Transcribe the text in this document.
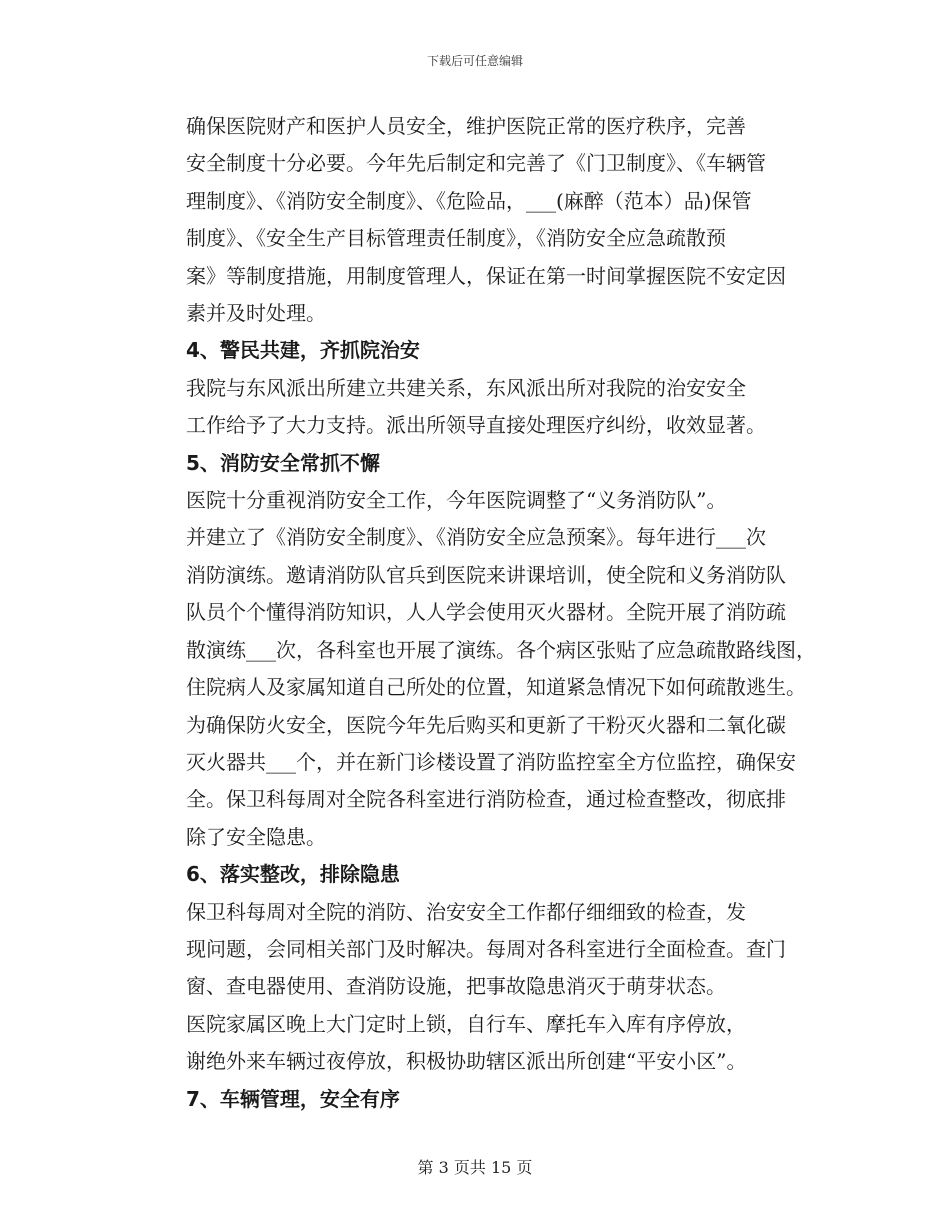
下载后可任意编辑

确保医院财产和医护人员安全，维护医院正常的医疗秩序，完善
安全制度十分必要。今年先后制定和完善了《门卫制度》、《车辆管
理制度》、《消防安全制度》、《危险品，___(麻醉（范本）品)保管
制度》、《安全生产目标管理责任制度》，《消防安全应急疏散预
案》等制度措施，用制度管理人，保证在第一时间掌握医院不安定因
素并及时处理。

4、警民共建，齐抓院治安

我院与东风派出所建立共建关系，东风派出所对我院的治安安全
工作给予了大力支持。派出所领导直接处理医疗纠纷，收效显著。

5、消防安全常抓不懈

医院十分重视消防安全工作，今年医院调整了“义务消防队”。
并建立了《消防安全制度》、《消防安全应急预案》。每年进行___次
消防演练。邀请消防队官兵到医院来讲课培训，使全院和义务消防队
队员个个懂得消防知识，人人学会使用灭火器材。全院开展了消防疏
散演练___次，各科室也开展了演练。各个病区张贴了应急疏散路线图，
住院病人及家属知道自己所处的位置，知道紧急情况下如何疏散逃生。
为确保防火安全，医院今年先后购买和更新了干粉灭火器和二氧化碳
灭火器共___个，并在新门诊楼设置了消防监控室全方位监控，确保安
全。保卫科每周对全院各科室进行消防检查，通过检查整改，彻底排
除了安全隐患。

6、落实整改，排除隐患

保卫科每周对全院的消防、治安安全工作都仔细细致的检查，发
现问题，会同相关部门及时解决。每周对各科室进行全面检查。查门
窗、查电器使用、查消防设施，把事故隐患消灭于萌芽状态。

医院家属区晚上大门定时上锁，自行车、摩托车入库有序停放，
谢绝外来车辆过夜停放，积极协助辖区派出所创建“平安小区”。

7、车辆管理，安全有序

第 3 页共 15 页
